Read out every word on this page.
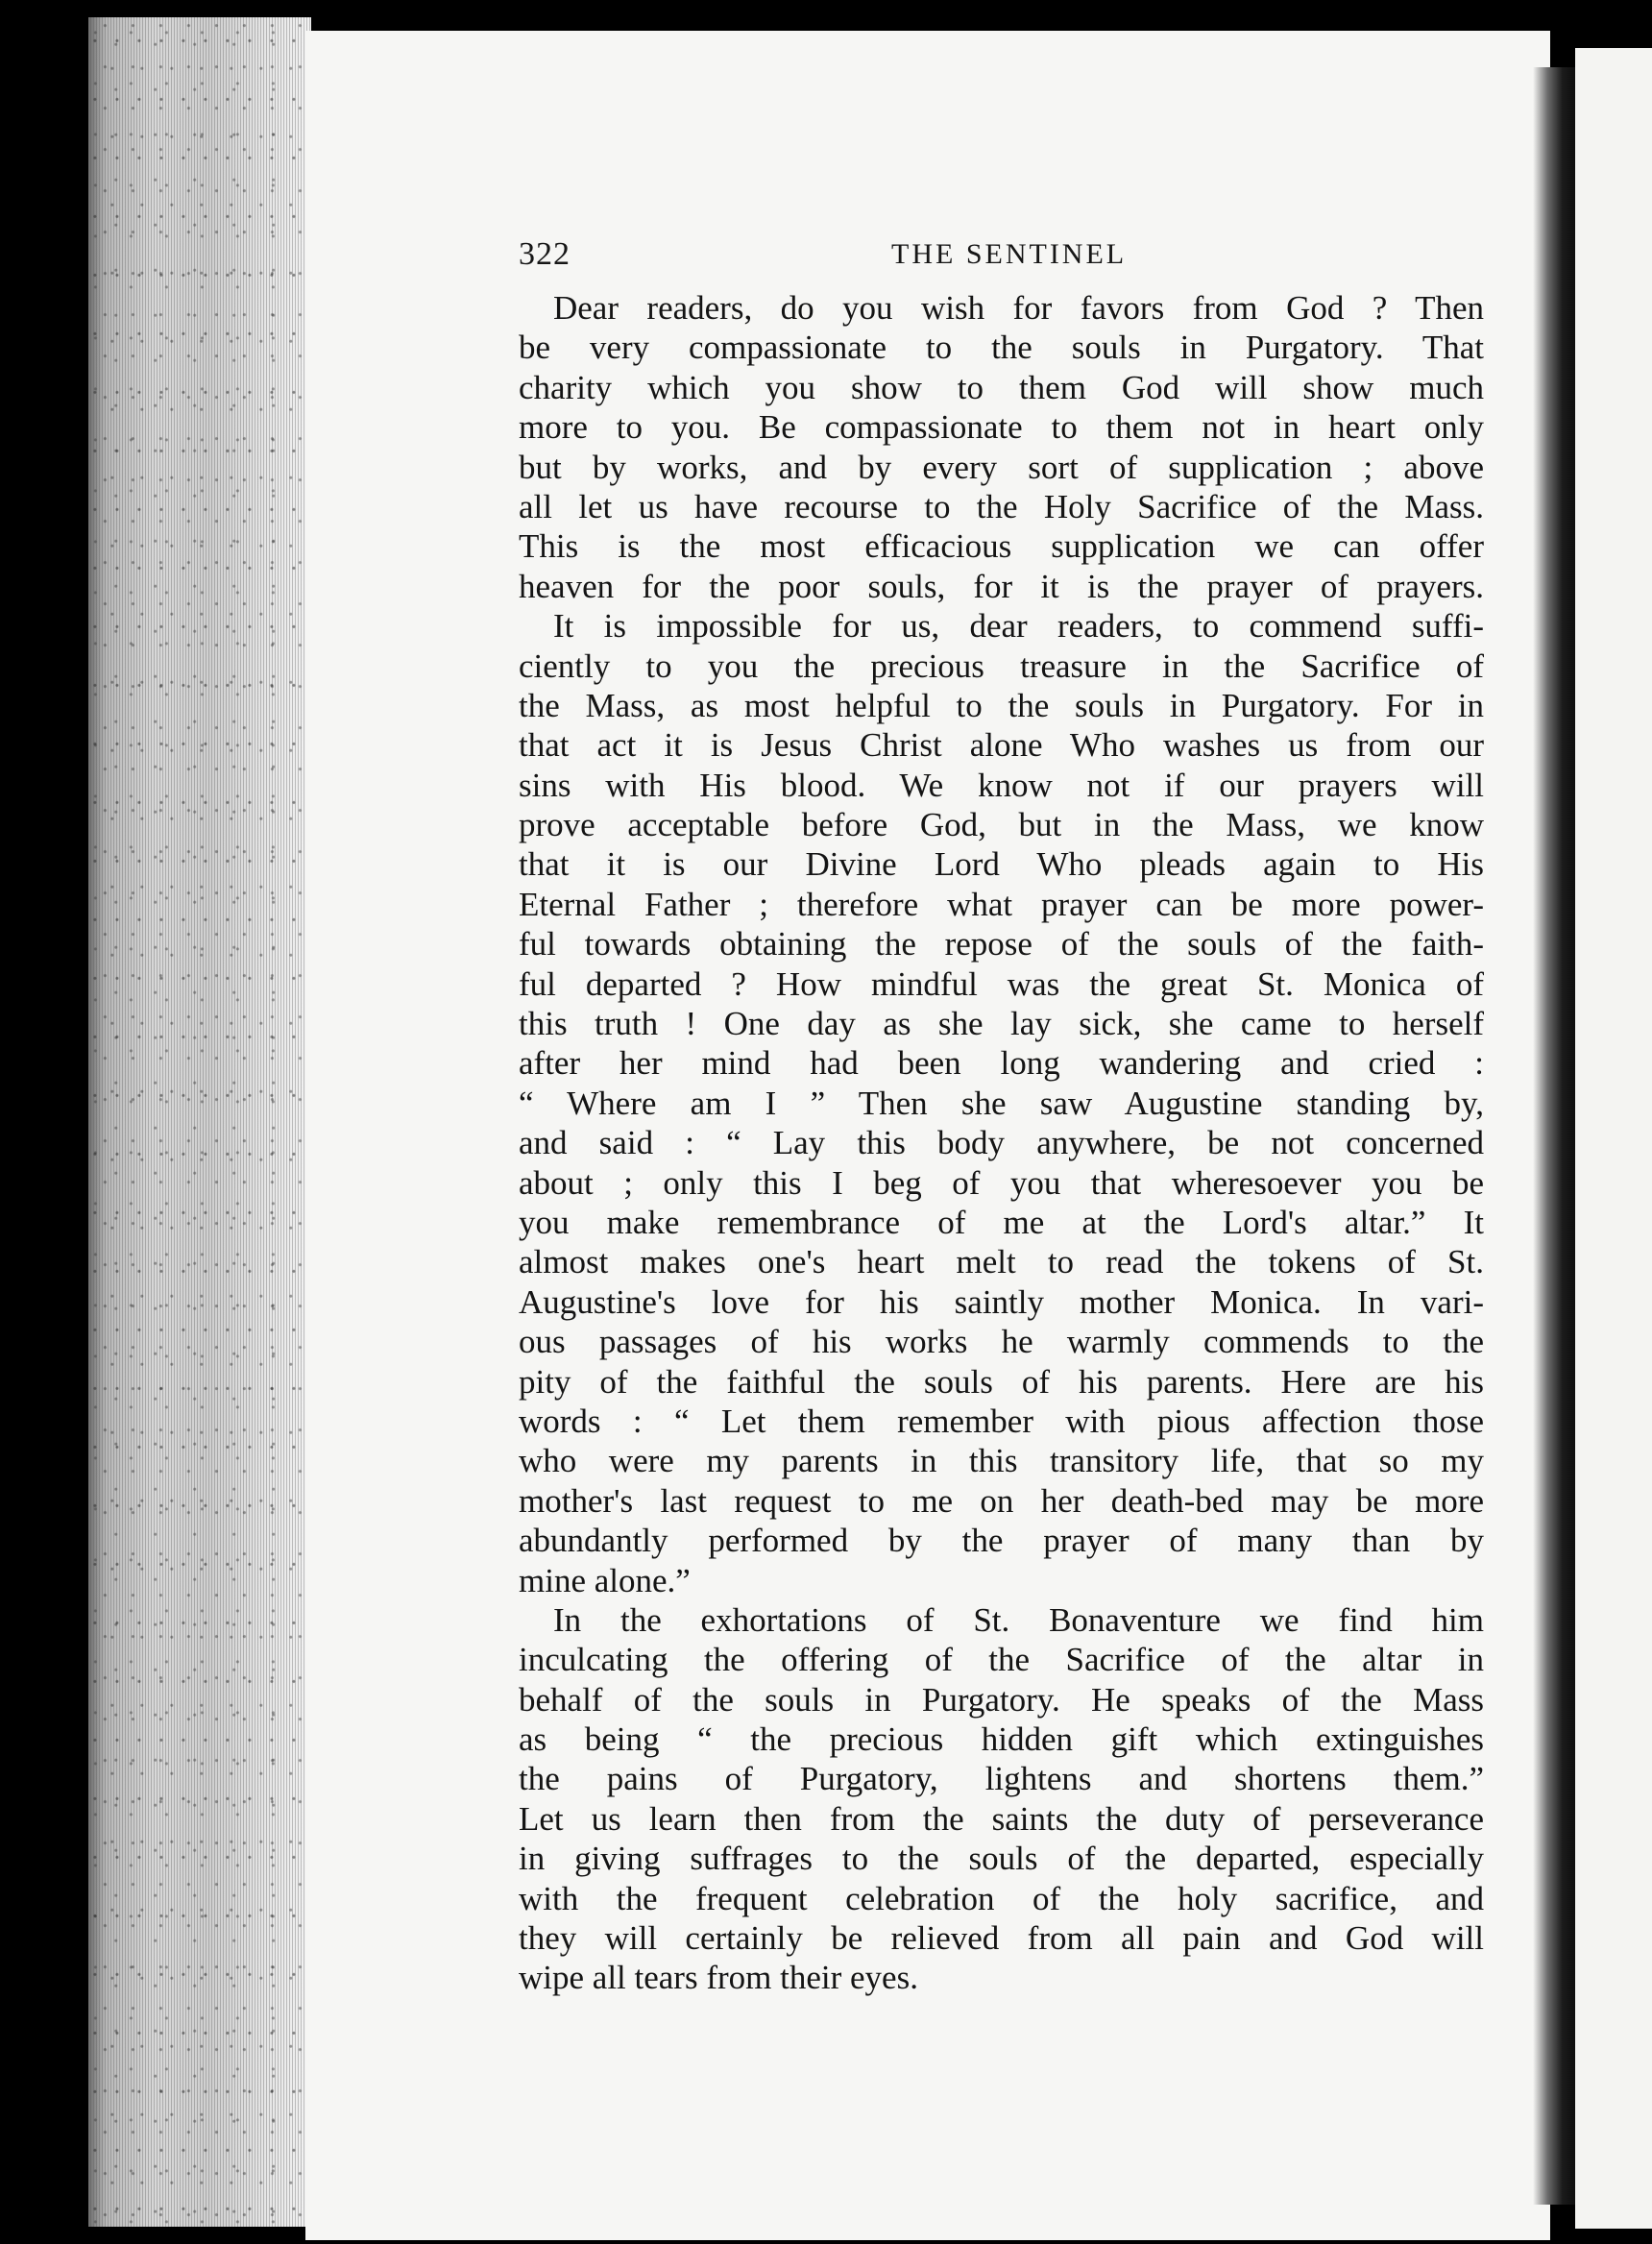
322	THE SENTINEL
Dear readers, do you wish for favors from God ? Then
be very compassionate to the souls in Purgatory. That
charity which you show to them God will show much
more to you. Be compassionate to them not in heart only
but by works, and by every sort of supplication ; above
all let us have recourse to the Holy Sacrifice of the Mass.
This is the most efficacious supplication we can offer
heaven for the poor souls, for it is the prayer of prayers.
It is impossible for us, dear readers, to commend suffi-
ciently to you the precious treasure in the Sacrifice of
the Mass, as most helpful to the souls in Purgatory. For in
that act it is Jesus Christ alone Who washes us from our
sins with His blood. We know not if our prayers will
prove acceptable before God, but in the Mass, we know
that it is our Divine Lord Who pleads again to His
Eternal Father ; therefore what prayer can be more power-
ful towards obtaining the repose of the souls of the faith-
ful departed ? How mindful was the great St. Monica of
this truth ! One day as she lay sick, she came to herself
after her mind had been long wandering and cried :
“ Where am I ” Then she saw Augustine standing by,
and said : “ Lay this body anywhere, be not concerned
about ; only this I beg of you that wheresoever you be
you make remembrance of me at the Lord's altar.” It
almost makes one's heart melt to read the tokens of St.
Augustine's love for his saintly mother Monica. In vari-
ous passages of his works he warmly commends to the
pity of the faithful the souls of his parents. Here are his
words : “ Let them remember with pious affection those
who were my parents in this transitory life, that so my
mother's last request to me on her death-bed may be more
abundantly performed by the prayer of many than by
mine alone.”
In the exhortations of St. Bonaventure we find him
inculcating the offering of the Sacrifice of the altar in
behalf of the souls in Purgatory. He speaks of the Mass
as being “ the precious hidden gift which extinguishes
the pains of Purgatory, lightens and shortens them.”
Let us learn then from the saints the duty of perseverance
in giving suffrages to the souls of the departed, especially
with the frequent celebration of the holy sacrifice, and
they will certainly be relieved from all pain and God will
wipe all tears from their eyes.
